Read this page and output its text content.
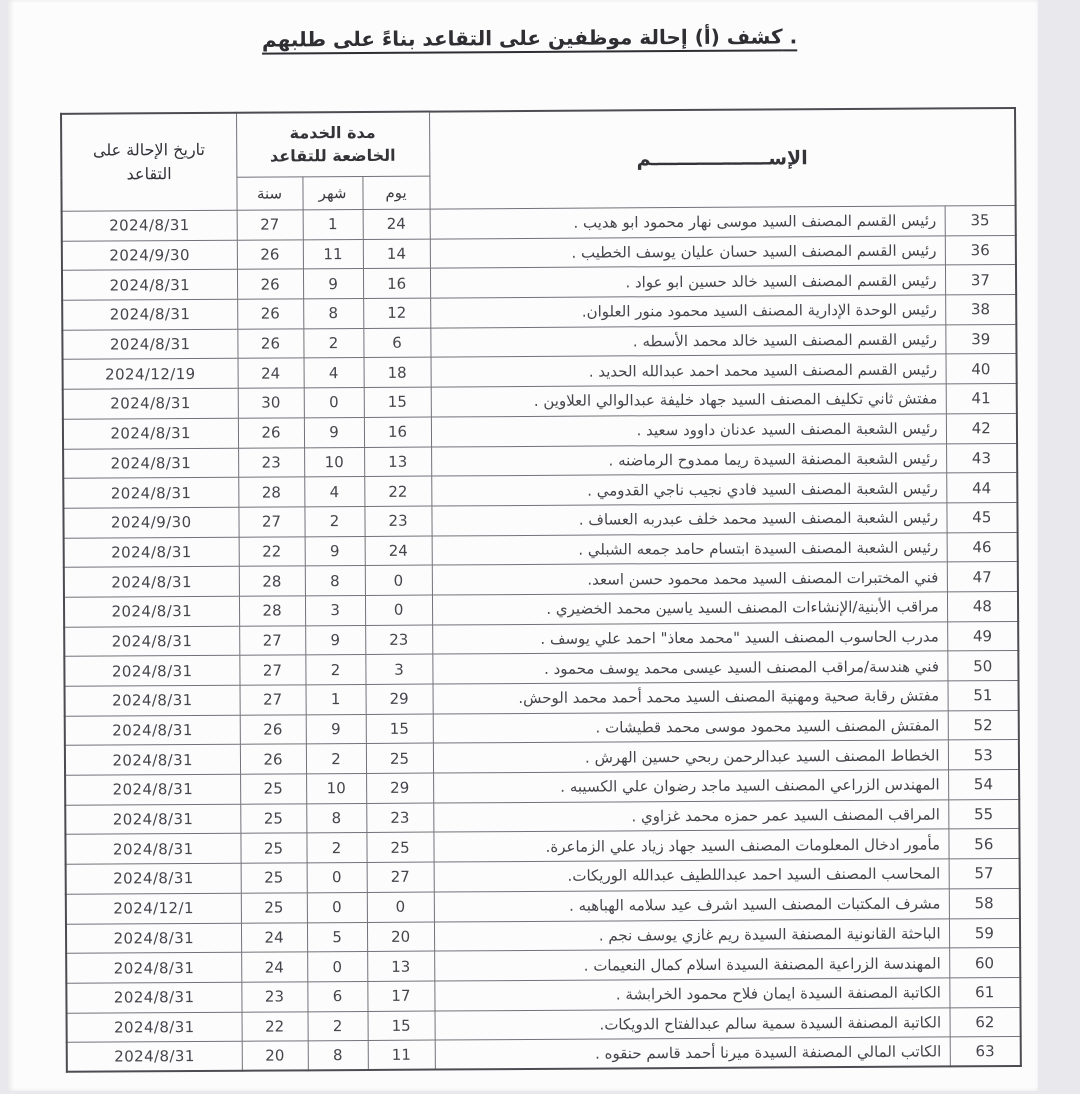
كشف (أ) إحالة موظفين على التقاعد بناءً على طلبهم .
الإســــــــــــــــــم		مدة الخدمة الخاضعة للتقاعد			تاريخ الإحالة على التقاعد
		يوم	شهر	سنة	
35	رئيس القسم المصنف السيد موسى نهار محمود ابو هديب .	24	1	27	2024/8/31
36	رئيس القسم المصنف السيد حسان عليان يوسف الخطيب .	14	11	26	2024/9/30
37	رئيس القسم المصنف السيد خالد حسين ابو عواد .	16	9	26	2024/8/31
38	رئيس الوحدة الإدارية المصنف السيد محمود منور العلوان.	12	8	26	2024/8/31
39	رئيس القسم المصنف السيد خالد محمد الأسطه .	6	2	26	2024/8/31
40	رئيس القسم المصنف السيد محمد احمد عبدالله الحديد .	18	4	24	2024/12/19
41	مفتش ثاني تكليف المصنف السيد جهاد خليفة عبدالوالي العلاوين .	15	0	30	2024/8/31
42	رئيس الشعبة المصنف السيد عدنان داوود سعيد .	16	9	26	2024/8/31
43	رئيس الشعبة المصنفة السيدة ريما ممدوح الرماضنه .	13	10	23	2024/8/31
44	رئيس الشعبة المصنف السيد فادي نجيب ناجي القدومي .	22	4	28	2024/8/31
45	رئيس الشعبة المصنف السيد محمد خلف عبدربه العساف .	23	2	27	2024/9/30
46	رئيس الشعبة المصنف السيدة ابتسام حامد جمعه الشبلي .	24	9	22	2024/8/31
47	فني المختبرات المصنف السيد محمد محمود حسن اسعد.	0	8	28	2024/8/31
48	مراقب الأبنية/الإنشاءات المصنف السيد ياسين محمد الخضيري .	0	3	28	2024/8/31
49	مدرب الحاسوب المصنف السيد "محمد معاذ" احمد علي يوسف .	23	9	27	2024/8/31
50	فني هندسة/مراقب المصنف السيد عيسى محمد يوسف محمود .	3	2	27	2024/8/31
51	مفتش رقابة صحية ومهنية المصنف السيد محمد أحمد محمد الوحش.	29	1	27	2024/8/31
52	المفتش المصنف السيد محمود موسى محمد قطيشات .	15	9	26	2024/8/31
53	الخطاط المصنف السيد عبدالرحمن ربحي حسين الهرش .	25	2	26	2024/8/31
54	المهندس الزراعي المصنف السيد ماجد رضوان علي الكسيبه .	29	10	25	2024/8/31
55	المراقب المصنف السيد عمر حمزه محمد غزاوي .	23	8	25	2024/8/31
56	مأمور ادخال المعلومات المصنف السيد جهاد زياد علي الزماعرة.	25	2	25	2024/8/31
57	المحاسب المصنف السيد احمد عبداللطيف عبدالله الوريكات.	27	0	25	2024/8/31
58	مشرف المكتبات المصنف السيد اشرف عيد سلامه الهباهبه .	0	0	25	2024/12/1
59	الباحثة القانونية المصنفة السيدة ريم غازي يوسف نجم .	20	5	24	2024/8/31
60	المهندسة الزراعية المصنفة السيدة اسلام كمال النعيمات .	13	0	24	2024/8/31
61	الكاتبة المصنفة السيدة ايمان فلاح محمود الخرابشة .	17	6	23	2024/8/31
62	الكاتبة المصنفة السيدة سمية سالم عبدالفتاح الدويكات.	15	2	22	2024/8/31
63	الكاتب المالي المصنفة السيدة ميرنا أحمد قاسم حنقوه .	11	8	20	2024/8/31
